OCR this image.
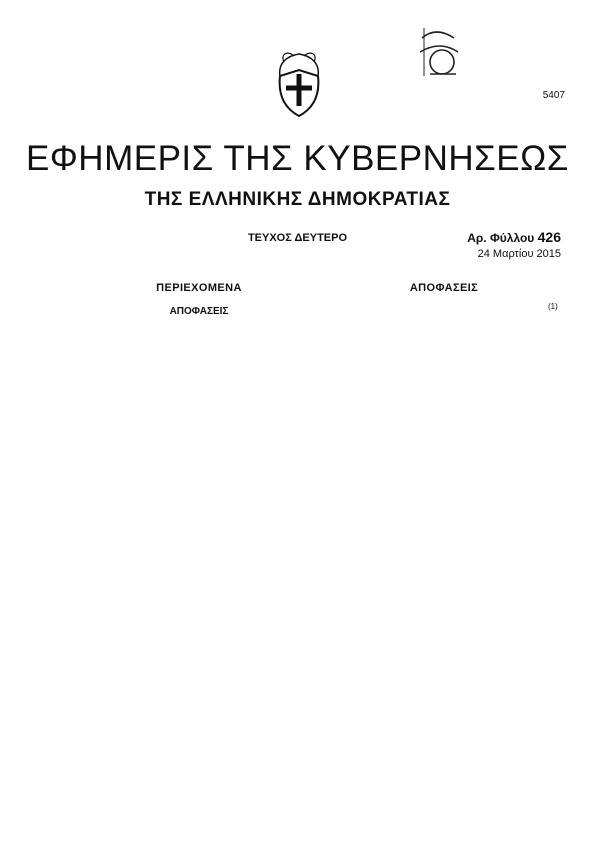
5407
ΕΦΗΜΕΡΙΣ ΤΗΣ ΚΥΒΕΡΝΗΣΕΩΣ
ΤΗΣ ΕΛΛΗΝΙΚΗΣ ΔΗΜΟΚΡΑΤΙΑΣ
ΤΕΥΧΟΣ ΔΕΥΤΕΡΟ	Αρ. Φύλλου 426
24 Μαρτίου 2015
ΠΕΡΙΕΧΟΜΕΝΑ
ΑΠΟΦΑΣΕΙΣ
ΑΠΟΦΑΣΕΙΣ
(1)
